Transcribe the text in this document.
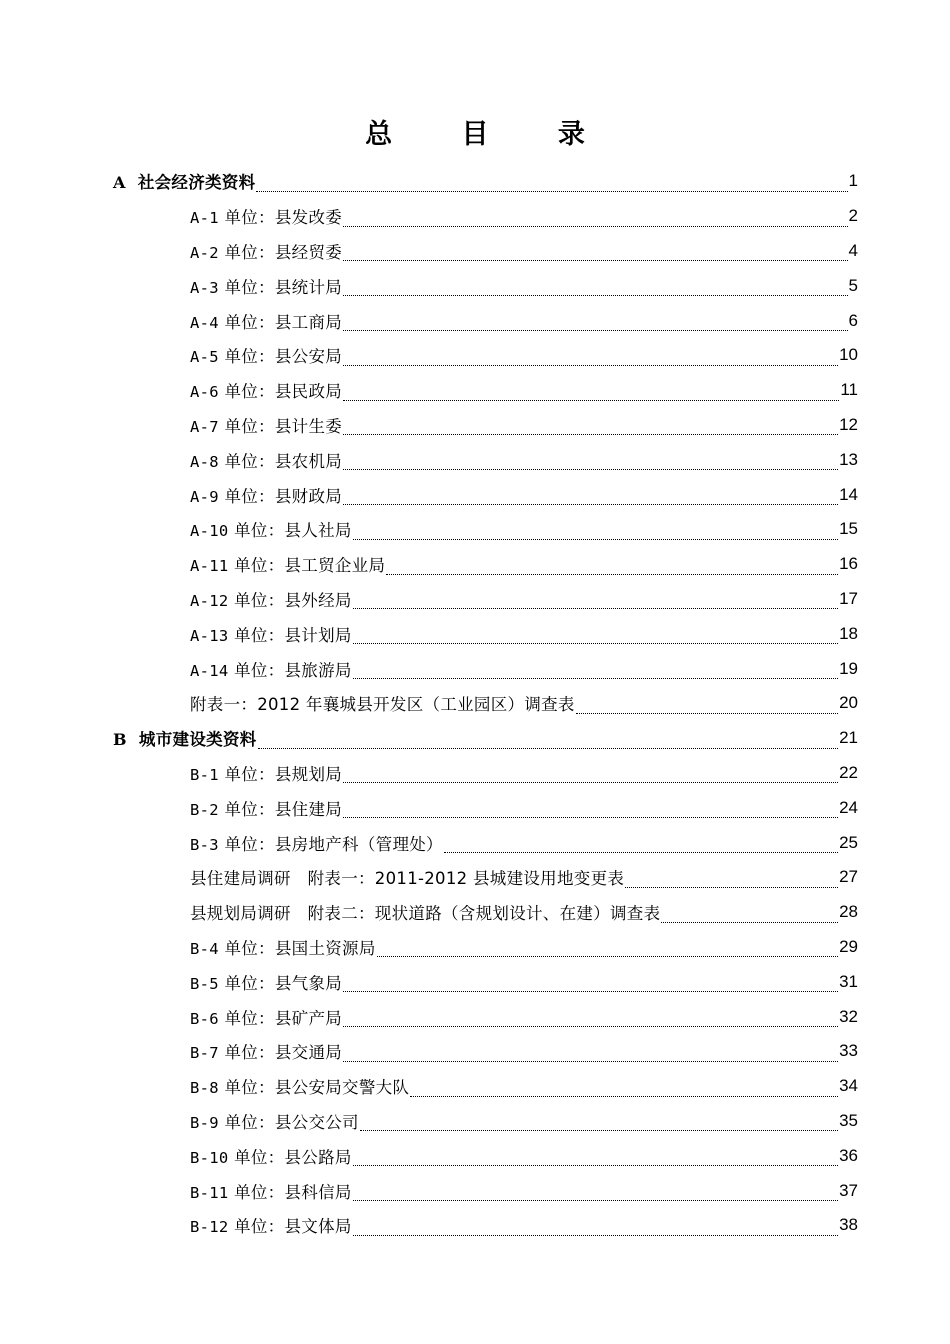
总 目 录
A 社会经济类资料	1
A-1 单位：县发改委	2
A-2 单位：县经贸委	4
A-3 单位：县统计局	5
A-4 单位：县工商局	6
A-5 单位：县公安局	10
A-6 单位：县民政局	11
A-7 单位：县计生委	12
A-8 单位：县农机局	13
A-9 单位：县财政局	14
A-10 单位：县人社局	15
A-11 单位：县工贸企业局	16
A-12 单位：县外经局	17
A-13 单位：县计划局	18
A-14 单位：县旅游局	19
附表一：2012 年襄城县开发区（工业园区）调查表	20
B 城市建设类资料	21
B-1 单位：县规划局	22
B-2 单位：县住建局	24
B-3 单位：县房地产科（管理处）	25
县住建局调研　附表一：2011-2012 县城建设用地变更表	27
县规划局调研　附表二：现状道路（含规划设计、在建）调查表	28
B-4 单位：县国土资源局	29
B-5 单位：县气象局	31
B-6 单位：县矿产局	32
B-7 单位：县交通局	33
B-8 单位：县公安局交警大队	34
B-9 单位：县公交公司	35
B-10 单位：县公路局	36
B-11 单位：县科信局	37
B-12 单位：县文体局	38
